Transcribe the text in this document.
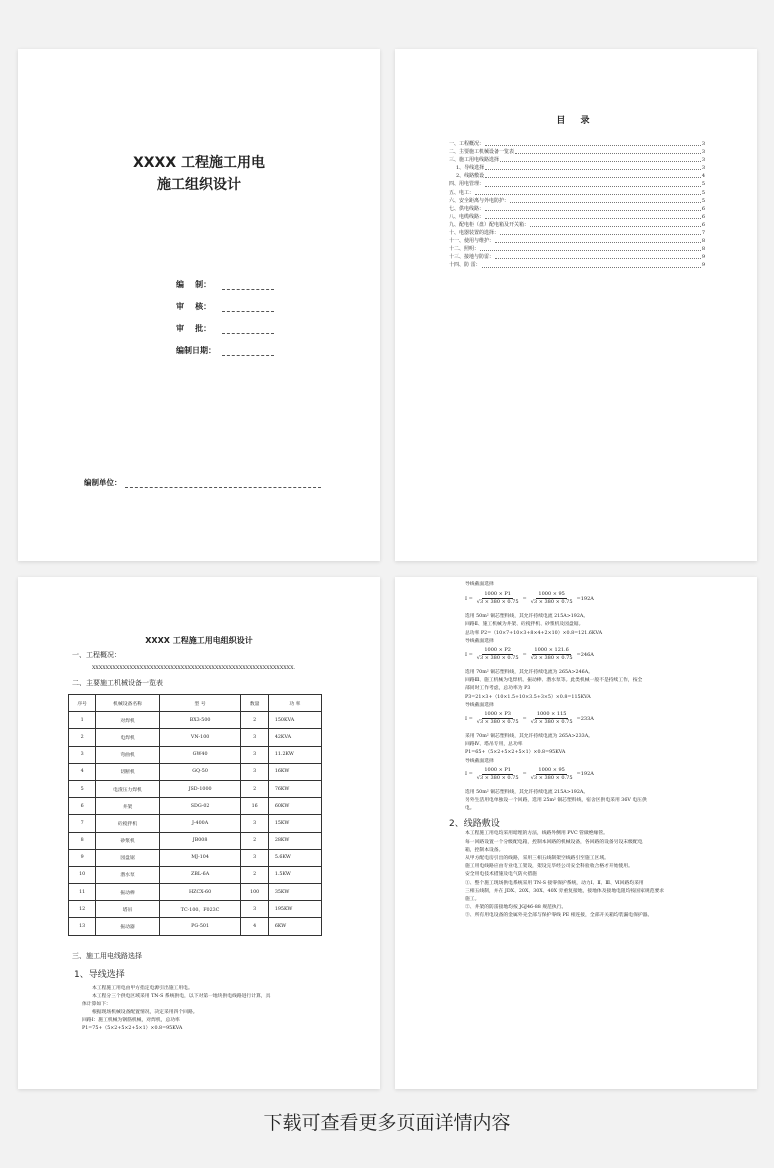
XXXX 工程施工用电
施工组织设计
编    制：
审    核：
审    批：
编制日期：
编制单位：
目 录
一、工程概况：	3
二、主要施工机械设备一览表	3
三、施工用电线路选择	3
1、导线选择	3
2、线路敷设	4
四、用电管理：	5
五、电工：	5
六、安全距离与外电防护：	5
七、供电线路：	6
八、电缆线路：	6
九、配电柜（盘）配电箱及开关箱：	6
十、电器装置的选择：	7
十一、使用与维护：	8
十二、照明：	8
十三、接地与防雷：	9
十四、防 雷：	9
XXXX 工程施工用电组织设计
一、工程概况：
XXXXXXXXXXXXXXXXXXXXXXXXXXXXXXXXXXXXXXXXXXXXXXXXXXXXXXXXXXX.
二、主要施工机械设备一览表
序号	机械设备名称	型 号	数量	功 率
1	对焊机	BX3-500	2	150KVA
2	电焊机	VN-100	3	42KVA
3	弯曲机	GW40	3	11.2KW
4	切断机	GQ-50	3	16KW
5	电渣压力焊机	JSD-1000	2	76KW
6	井架	SDG-02	16	60KW
7	砼搅拌机	J-400A	3	15KW
8	砂浆机	JB008	2	28KW
9	园盘锯	MJ-104	3	5.6KW
10	潜水泵	ZBL-6A	2	1.5KW
11	振动棒	HZCX-60	100	35KW
12	塔吊	TC-100、F023C	3	195KW
13	振动器	PG-501	4	6KW
三、施工用电线路选择
1、导线选择
本工程施工用电由甲方指定电源引出施工用电。
本工程分三个供电区域采用 TN-S 系统供电，以下对第一地块供电线路进行计算，具
体计算如下：
根据现场机械设备配置情况，决定采用四个回路。
回路Ⅰ：施工机械为钢筋机械，对焊机，总功率
P1=75+（5×2+5×2+5×1）×0.8=95KVA
导线截面选择
$I = \frac{1000 \times P1}{√3 \times 380 \times 0.75} = \frac{1000 \times 95}{√3 \times 380 \times 0.75} =192A$
选用 50m² 铜芯塑料线，其允许持续电流 215A>192A。
回路Ⅱ、施工机械为井架、砼搅拌机、砂浆机及园盘锯。
总功率 P2=（10×7+10×3+8×4+2×10）×0.8=121.6KVA
导线截面选择
$I = \frac{1000 \times P2}{√3 \times 380 \times 0.75} = \frac{1000 \times 121.6}{√3 \times 380 \times 0.75} =246A$
选用 70m² 铜芯塑料线，其允许持续电流为 265A>246A。
回路Ⅲ、施工机械为电焊机、振动棒、潜水泵等。此类机械一般不是持续工作，按全
部同时工作考虑，总功率为 P3
P3=21×3+（10×1.5+10×3.5+3×5）×0.8=115KVA
导线截面选择
$I = \frac{1000 \times P3}{√3 \times 380 \times 0.75} = \frac{1000 \times 115}{√3 \times 380 \times 0.75} =233A$
采用 70m² 铜芯塑料线，其允许持续电流为 265A>233A。
回路Ⅳ、塔吊专用，总功率
P1=65+（5×2+5×2+5×1）×0.8=95KVA
导线截面选择
$I = \frac{1000 \times P1}{√3 \times 380 \times 0.75} = \frac{1000 \times 95}{√3 \times 380 \times 0.75} =192A$
选用 50m² 铜芯塑料线，其允许持续电流 215A>192A。
另外生活用电单独设一个回路，选用 25m² 铜芯塑料线，宿舍区供电采用 36V 电压供
电。
2、线路敷设
本工程施工用电均采用暗埋的方法，线路外侧用 PVC 管做绝缘管。
每一回路设置一个分级配电箱，控制本回路的机械设备，各回路的设备另设末级配电
箱，控制本设备。
从甲方配电房引出的线路，采用三相五线制架空线路引至施工区域。
施工用电线路应由专业电工架设，架设完毕经公司安全科验收合格才开始使用。
安全用电技术措施及电气防火措施
①、整个施工现场供电系统采用 TN-S 接零保护系统，动力Ⅰ、Ⅱ、Ⅲ、Ⅵ回路均采用
三相五线制，并在 JDX、20X、30X、40X 旁重复接地，接地体及接地电阻均按国家规范要求
施工。
②、井架的防雷接地均按 JGJ46-88 规范执行。
③、所有用电设备的金属外壳全部与保护零线 PE 相连接，全部开关箱均装漏电保护器。
下载可查看更多页面详情内容
